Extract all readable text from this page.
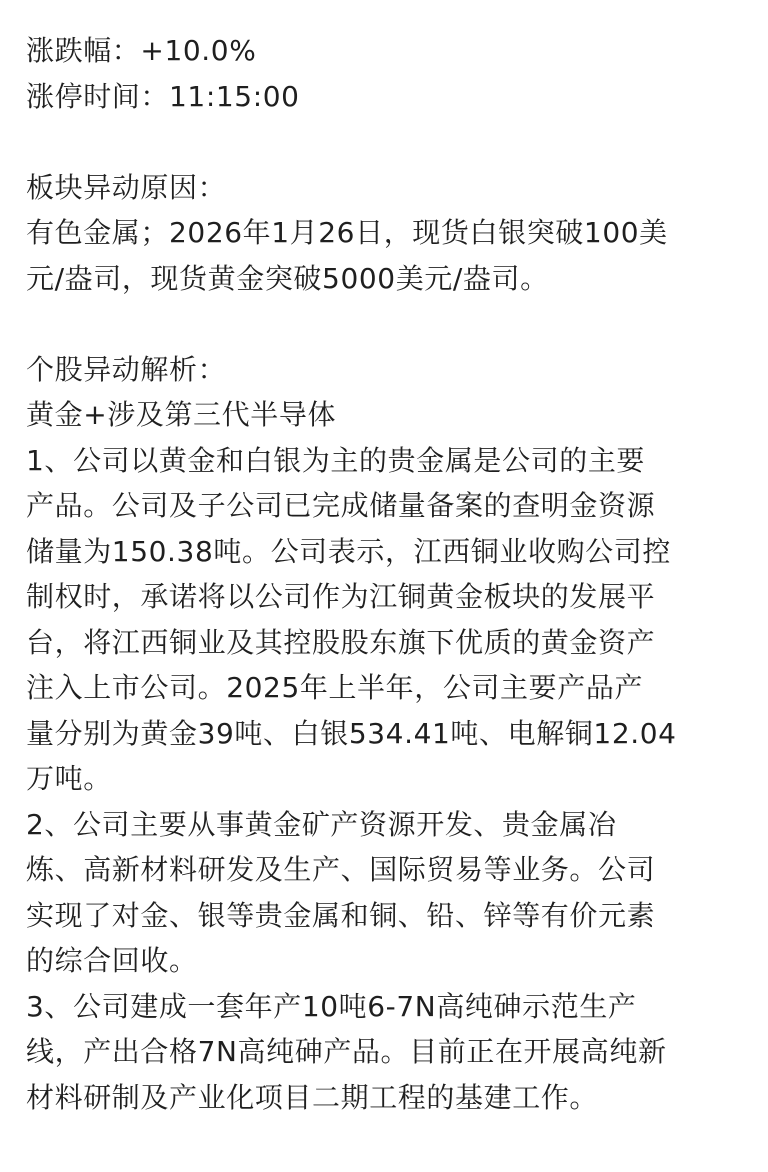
涨跌幅：+10.0%
涨停时间：11:15:00
板块异动原因：
有色金属；2026年1月26日，现货白银突破100美
元/盎司，现货黄金突破5000美元/盎司。
个股异动解析：
黄金+涉及第三代半导体
1、公司以黄金和白银为主的贵金属是公司的主要
产品。公司及子公司已完成储量备案的查明金资源
储量为150.38吨。公司表示，江西铜业收购公司控
制权时，承诺将以公司作为江铜黄金板块的发展平
台，将江西铜业及其控股股东旗下优质的黄金资产
注入上市公司。2025年上半年，公司主要产品产
量分别为黄金39吨、白银534.41吨、电解铜12.04
万吨。
2、公司主要从事黄金矿产资源开发、贵金属冶
炼、高新材料研发及生产、国际贸易等业务。公司
实现了对金、银等贵金属和铜、铅、锌等有价元素
的综合回收。
3、公司建成一套年产10吨6-7N高纯砷示范生产
线，产出合格7N高纯砷产品。目前正在开展高纯新
材料研制及产业化项目二期工程的基建工作。
